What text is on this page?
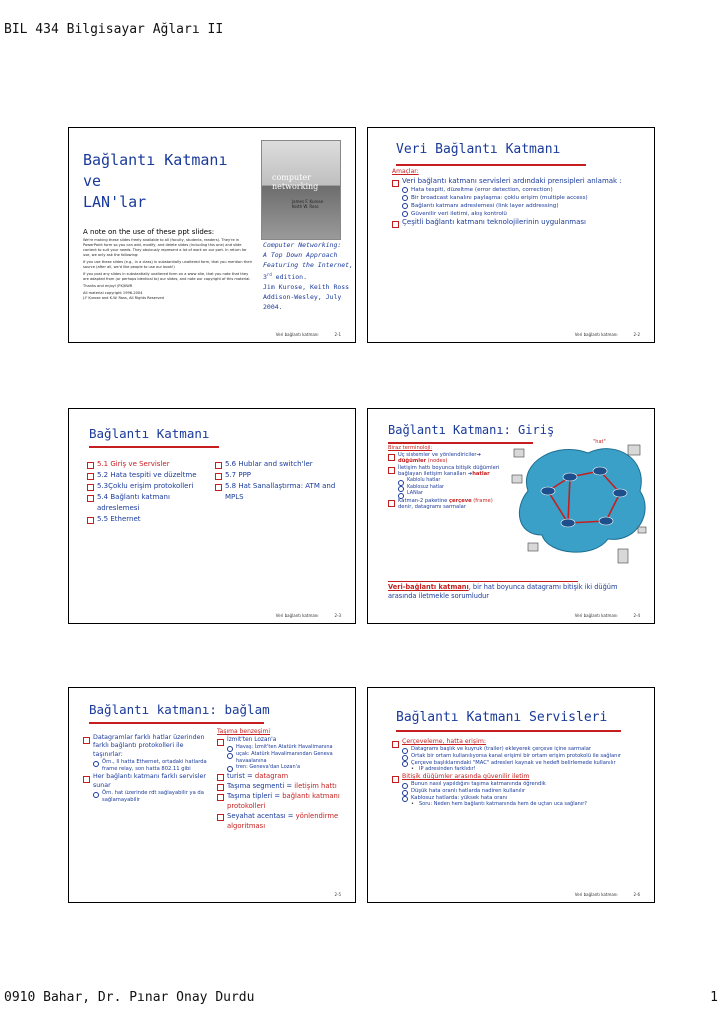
BIL 434 Bilgisayar Ağları II
Bağlantı Katmanı ve
LAN'lar
computer
networking
James F. Kurose
Keith W. Ross
Computer Networking:
A Top Down Approach
Featuring the Internet,
3rd edition.
Jim Kurose, Keith Ross
Addison-Wesley, July
2004.
A note on the use of these ppt slides:

We're making these slides freely available to all (faculty, students, readers). They're in PowerPoint form so you can add, modify, and delete slides (including this one) and slide content to suit your needs. They obviously represent a lot of work on our part. In return for use, we only ask the following:

If you use these slides (e.g., in a class) in substantially unaltered form, that you mention their source (after all, we'd like people to use our book!)

If you post any slides in substantially unaltered form on a www site, that you note that they are adapted from (or perhaps identical to) our slides, and note our copyright of this material.

Thanks and enjoy! JFK/KWR

All material copyright 1996-2004
J.F Kurose and K.W. Ross, All Rights Reserved
Veri bağlantı katmanı	2-1
Veri Bağlantı Katmanı
Amaçlar:
Veri bağlantı katmanı servisleri ardındaki prensipleri anlamak :
Hata tespiti, düzeltme (error detection, correction)
Bir broadcast kanalını paylaşma: çoklu erişim (multiple access)
Bağlantı katmanı adreslemesi (link layer addressing)
Güvenilir veri iletimi, akış kontrolü
Çeşitli bağlantı katmanı teknolojilerinin uygulanması
Veri bağlantı katmanı	2-2
Bağlantı Katmanı
5.1 Giriş ve Servisler
5.2 Hata tespiti ve düzeltme
5.3Çoklu erişim protokolleri
5.4 Bağlantı katmanı adreslemesi
5.5 Ethernet
5.6 Hublar and switch'ler
5.7 PPP
5.8 Hat Sanallaştırma: ATM and MPLS
Veri bağlantı katmanı	2-3
Bağlantı Katmanı: Giriş
"hat"
Biraz terminoloji:
Uç sistemler ve yönlendiriciler➔ düğümler (nodes)
İletişim hattı boyunca bitişik düğümleri bağlayan iletişim kanalları ➔hatlar
Kablolu hatlar
Kablosuz hatlar
LANlar
Katman-2 paketine çerçeve (frame) denir, datagramı sarmalar
Veri-bağlantı katmanı, bir hat boyunca datagramı bitişik iki düğüm arasında iletmekle sorumludur
Veri bağlantı katmanı	2-4
Bağlantı katmanı: bağlam
Datagramlar farklı hatlar üzerinden farklı bağlantı protokolleri ile taşınırlar:
Örn., Il hatta Ethernet, ortadaki hatlarda frame relay, son hatta 802.11 gibi
Her bağlantı katmanı farklı servisler sunar
Örn. hat üzerinde rdt sağlayabilir ya da sağlamayabilir
Taşıma benzeşimi
İzmit'ten Lozan'a
Havaş: İzmit'ten Atatürk Havalimanına
uçak: Atatürk Havalimanından Geneva havaalanına
tren: Geneva'dan Lozan'a
turist = datagram
Taşıma segmenti = iletişim hattı
Taşıma tipleri = bağlantı katmanı protokolleri
Seyahat acentası = yönlendirme algoritması
2-5
Bağlantı Katmanı Servisleri
Çerçeveleme, hatta erişim:
Datagramı başlık ve kuyruk (trailer) ekleyerek çerçeve içine sarmalar
Ortak bir ortam kullanılıyorsa kanal erişimi bir ortam erişim protokolü ile sağlanır
Çerçeve başlıklarındaki "MAC" adresleri kaynak ve hedefi belirlemede kullanılır
• IP adresinden farklıdır!
Bitişik düğümler arasında güvenilir iletim
Bunun nasıl yapıldığını taşıma katmanında öğrendik
Düşük hata oranlı hatlarda nadiren kullanılır
Kablosuz hatlarda: yüksek hata oranı
• Soru: Neden hem bağlantı katmanında hem de uçtan uca sağlanır?
Veri bağlantı katmanı	2-6
0910 Bahar, Dr. Pınar Onay Durdu	1
